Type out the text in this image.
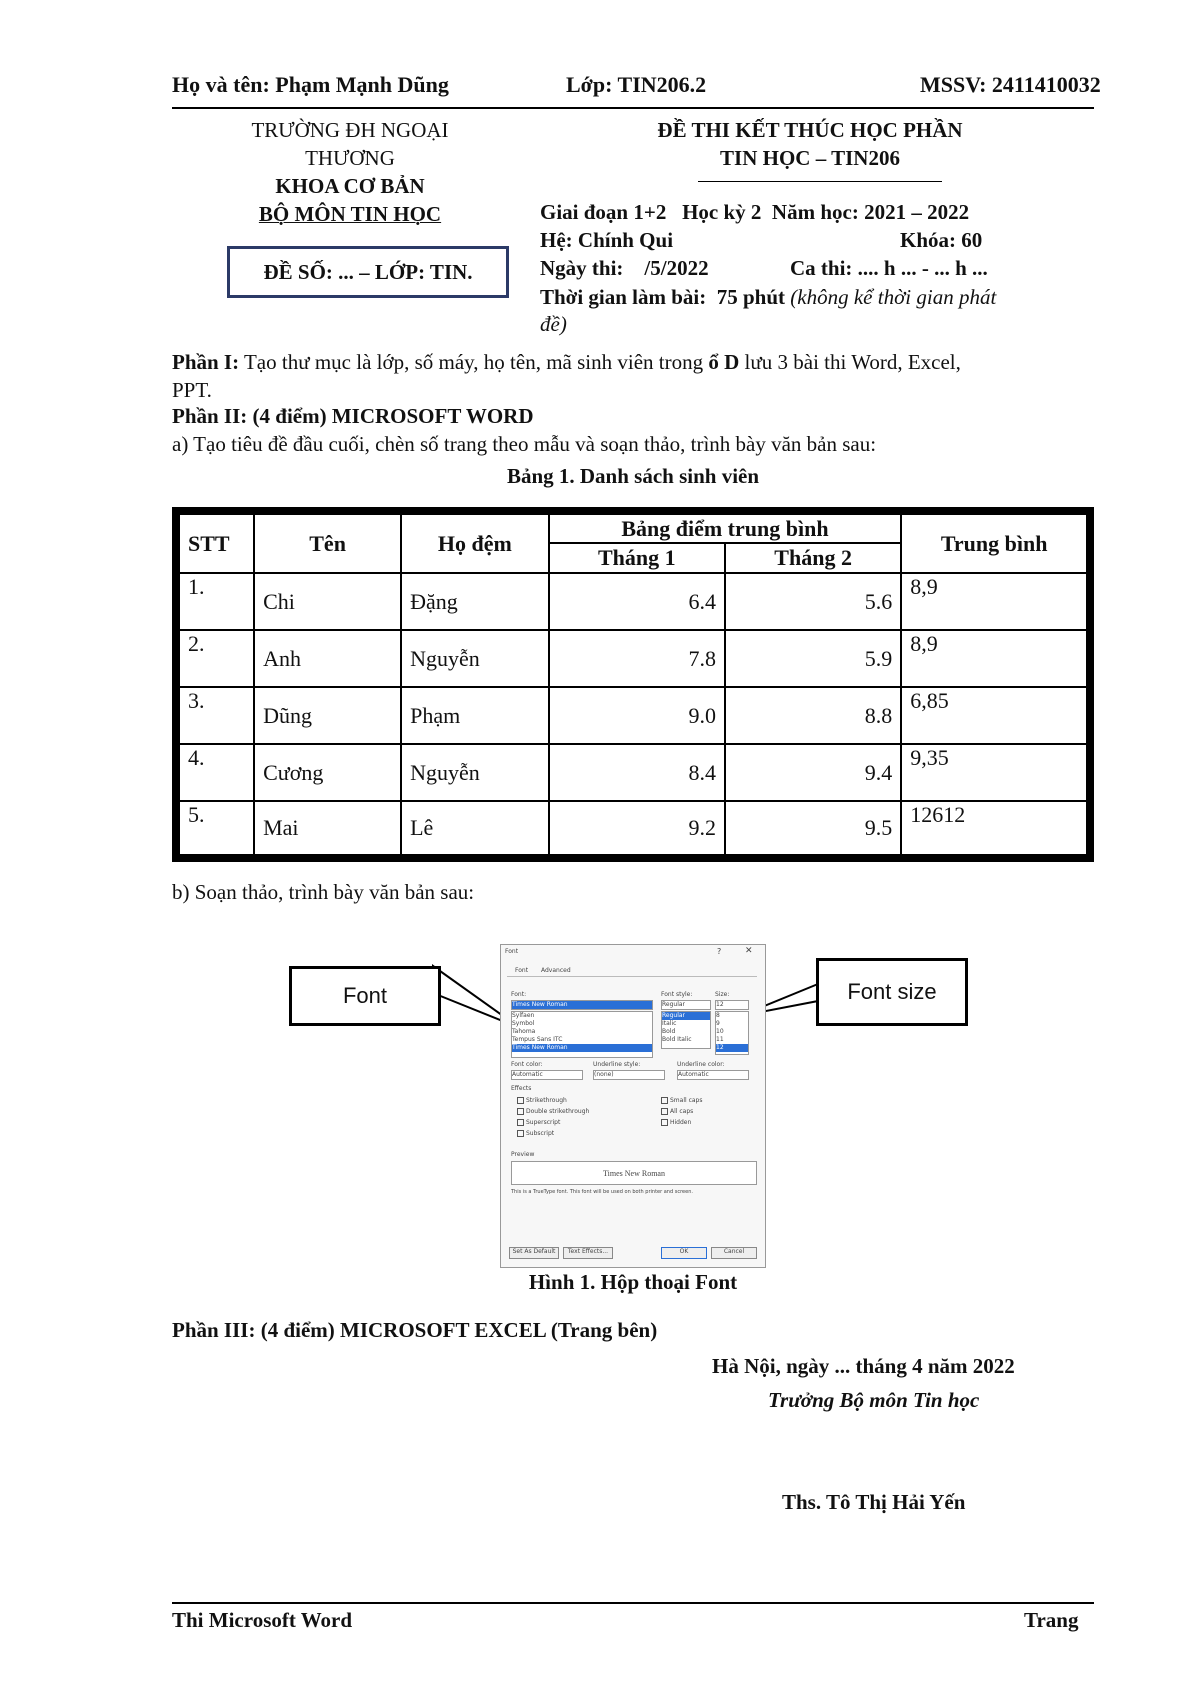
Họ và tên: Phạm Mạnh Dũng	Lớp: TIN206.2	MSSV: 2411410032
TRƯỜNG ĐH NGOẠI
THƯƠNG
KHOA CƠ BẢN
BỘ MÔN TIN HỌC
ĐỀ SỐ: ... – LỚP: TIN.
ĐỀ THI KẾT THÚC HỌC PHẦN
TIN HỌC – TIN206
Giai đoạn 1+2   Học kỳ 2  Năm học: 2021 – 2022
Hệ: Chính Qui	Khóa: 60
Ngày thi:    /5/2022	Ca thi: .... h ... - ... h ...
Thời gian làm bài:  75 phút (không kể thời gian phát
đề)
Phần I: Tạo thư mục là lớp, số máy, họ tên, mã sinh viên trong ổ D lưu 3 bài thi Word, Excel,
PPT.
Phần II: (4 điểm) MICROSOFT WORD
a) Tạo tiêu đề đầu cuối, chèn số trang theo mẫu và soạn thảo, trình bày văn bản sau:
Bảng 1. Danh sách sinh viên
STT	Tên	Họ đệm	Bảng điểm trung bình		Trung bình
			Tháng 1	Tháng 2	
1.	Chi	Đặng	6.4	5.6	8,9
2.	Anh	Nguyễn	7.8	5.9	8,9
3.	Dũng	Phạm	9.0	8.8	6,85
4.	Cương	Nguyễn	8.4	9.4	9,35
5.	Mai	Lê	9.2	9.5	12612
b) Soạn thảo, trình bày văn bản sau:
Font	Font size
Font	?	✕
Font Advanced
Font:
Times New Roman
Sylfaen
Symbol
Tahoma
Tempus Sans ITC
Times New Roman
Font style:
Regular
Regular
Italic
Bold
Bold Italic
Size:
12
8
9
10
11
12
Font color:
Automatic
Underline style:
(none)
Underline color:
Automatic
Effects
Strikethrough
Double strikethrough
Superscript
Subscript
Small caps
All caps
Hidden
Preview
Times New Roman
This is a TrueType font. This font will be used on both printer and screen.
Set As Default	Text Effects...	OK	Cancel
Hình 1. Hộp thoại Font
Phần III: (4 điểm) MICROSOFT EXCEL (Trang bên)
Hà Nội, ngày ... tháng 4 năm 2022
Trưởng Bộ môn Tin học
Ths. Tô Thị Hải Yến
Thi Microsoft Word	Trang
